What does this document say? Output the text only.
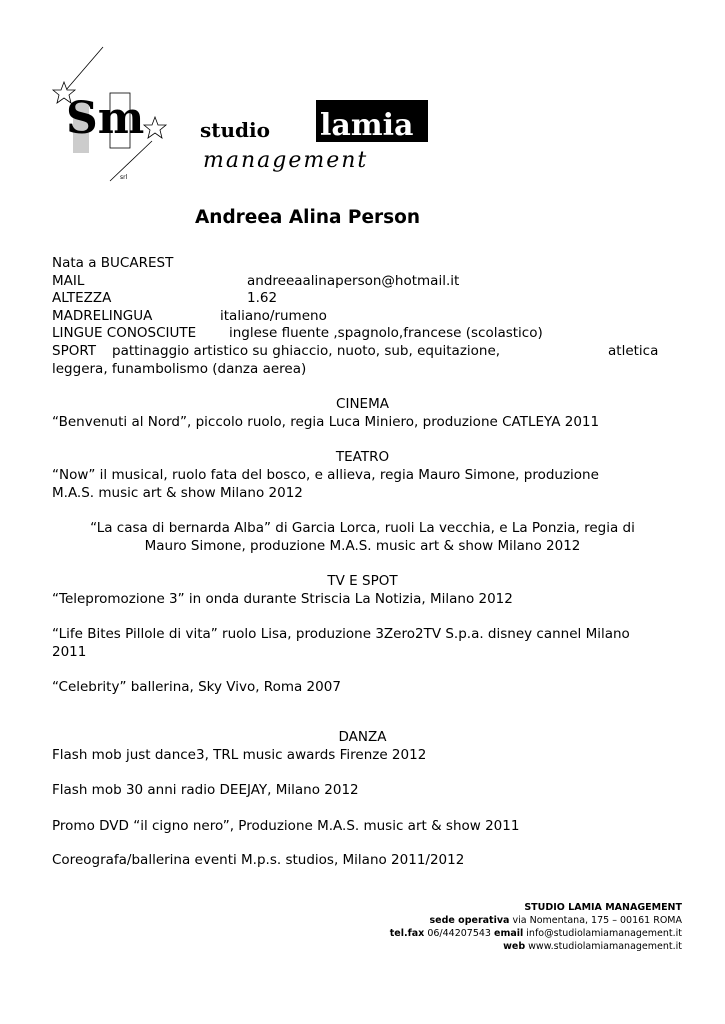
Sm
srl
studio lamia
management
Andreea Alina Person
Nata a BUCAREST
MAIL	andreeaalinaperson@hotmail.it
ALTEZZA	1.62
MADRELINGUA	italiano/rumeno
LINGUE CONOSCIUTE inglese fluente ,spagnolo,francese (scolastico)
SPORT pattinaggio artistico su ghiaccio, nuoto, sub, equitazione,	atletica
leggera, funambolismo (danza aerea)
CINEMA
“Benvenuti al Nord”, piccolo ruolo, regia Luca Miniero, produzione CATLEYA 2011
TEATRO
“Now” il musical, ruolo fata del bosco, e allieva, regia Mauro Simone, produzione
M.A.S. music art & show Milano 2012
“La casa di bernarda Alba” di Garcia Lorca, ruoli La vecchia, e La Ponzia, regia di
Mauro Simone, produzione M.A.S. music art & show Milano 2012
TV E SPOT
“Telepromozione 3” in onda durante Striscia La Notizia, Milano 2012
“Life Bites Pillole di vita” ruolo Lisa, produzione 3Zero2TV S.p.a. disney cannel Milano
2011
“Celebrity” ballerina, Sky Vivo, Roma 2007
DANZA
Flash mob just dance3, TRL music awards Firenze 2012
Flash mob 30 anni radio DEEJAY, Milano 2012
Promo DVD “il cigno nero”, Produzione M.A.S. music art & show 2011
Coreografa/ballerina eventi M.p.s. studios, Milano 2011/2012
STUDIO LAMIA MANAGEMENT
sede operativa via Nomentana, 175 – 00161 ROMA
tel.fax 06/44207543 email info@studiolamiamanagement.it
web www.studiolamiamanagement.it
